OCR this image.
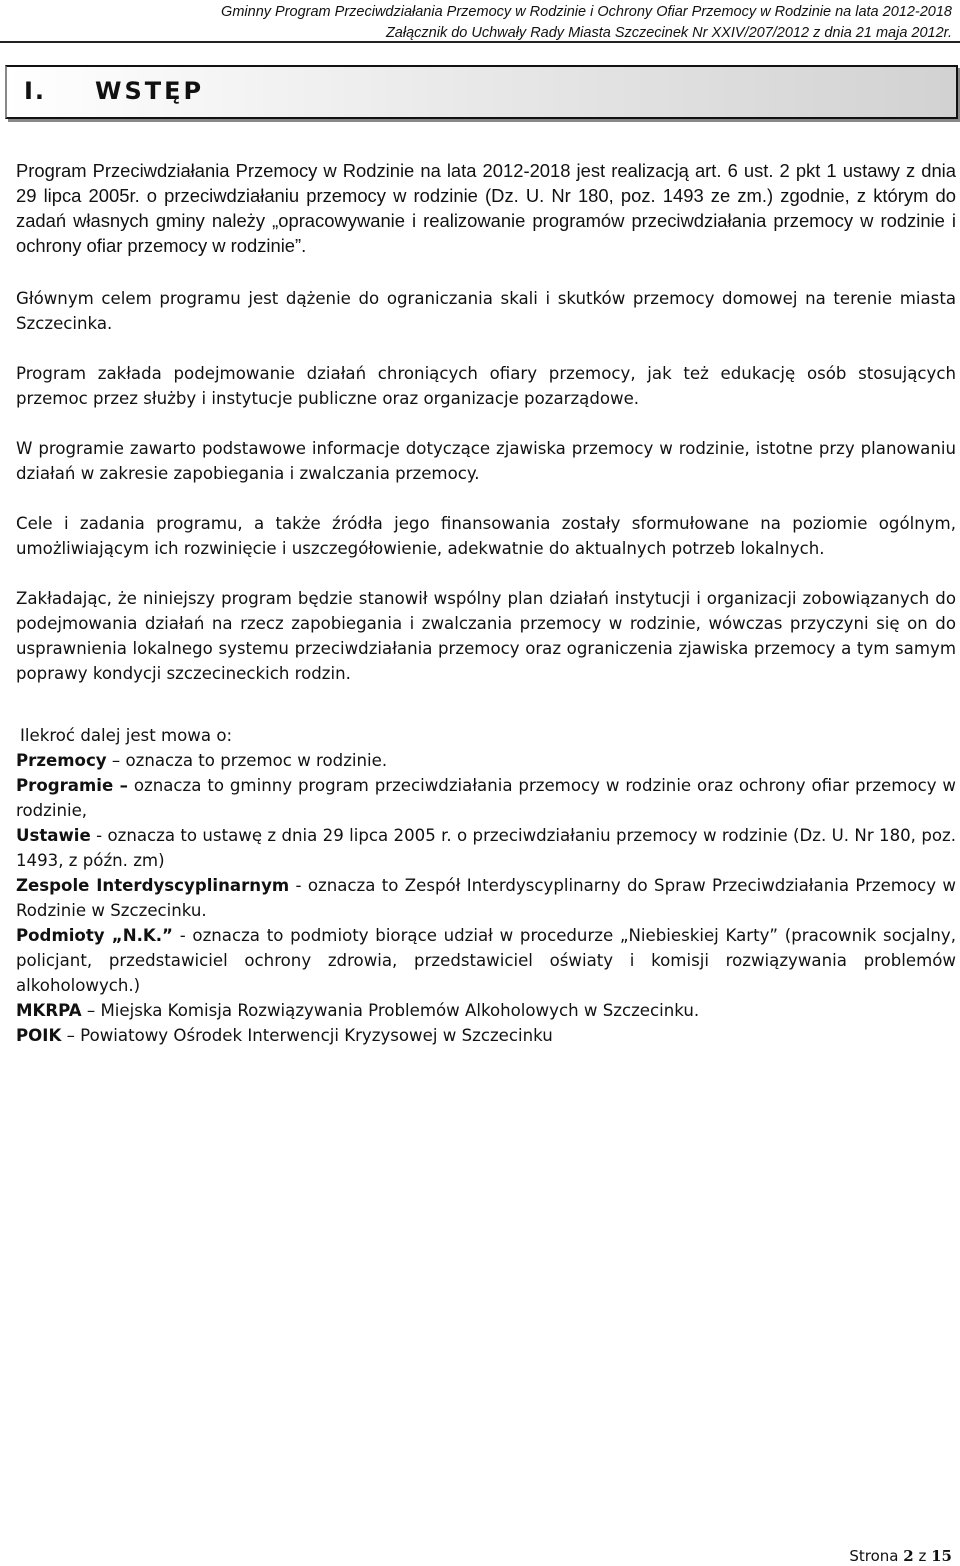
Gminny Program Przeciwdziałania Przemocy w Rodzinie i Ochrony Ofiar Przemocy w Rodzinie na lata 2012-2018
Załącznik do Uchwały Rady Miasta Szczecinek Nr XXIV/207/2012 z dnia 21 maja 2012r.
I. WSTĘP

Program Przeciwdziałania Przemocy w Rodzinie na lata 2012-2018 jest realizacją art. 6 ust. 2 pkt 1 ustawy z dnia 29 lipca 2005r. o przeciwdziałaniu przemocy w rodzinie (Dz. U. Nr 180, poz. 1493 ze zm.) zgodnie, z którym do zadań własnych gminy należy „opracowywanie i realizowanie programów przeciwdziałania przemocy w rodzinie i ochrony ofiar przemocy w rodzinie”.

Głównym celem programu jest dążenie do ograniczania skali i skutków przemocy domowej na terenie miasta Szczecinka.

Program zakłada podejmowanie działań chroniących ofiary przemocy, jak też edukację osób stosujących przemoc przez służby i instytucje publiczne oraz organizacje pozarządowe.

W programie zawarto podstawowe informacje dotyczące zjawiska przemocy w rodzinie, istotne przy planowaniu działań w zakresie zapobiegania i zwalczania przemocy.

Cele i zadania programu, a także źródła jego finansowania zostały sformułowane na poziomie ogólnym, umożliwiającym ich rozwinięcie i uszczegółowienie, adekwatnie do aktualnych potrzeb lokalnych.

Zakładając, że niniejszy program będzie stanowił wspólny plan działań instytucji i organizacji zobowiązanych do podejmowania działań na rzecz zapobiegania i zwalczania przemocy w rodzinie, wówczas przyczyni się on do usprawnienia lokalnego systemu przeciwdziałania przemocy oraz ograniczenia zjawiska przemocy a tym samym poprawy kondycji szczecineckich rodzin.

Ilekroć dalej jest mowa o:
Przemocy – oznacza to przemoc w rodzinie.
Programie – oznacza to gminny program przeciwdziałania przemocy w rodzinie oraz ochrony ofiar przemocy w rodzinie,
Ustawie - oznacza to ustawę z dnia 29 lipca 2005 r. o przeciwdziałaniu przemocy w rodzinie (Dz. U. Nr 180, poz. 1493, z późn. zm)
Zespole Interdyscyplinarnym - oznacza to Zespół Interdyscyplinarny do Spraw Przeciwdziałania Przemocy w Rodzinie w Szczecinku.
Podmioty „N.K.” - oznacza to podmioty biorące udział w procedurze „Niebieskiej Karty” (pracownik socjalny, policjant, przedstawiciel ochrony zdrowia, przedstawiciel oświaty i komisji rozwiązywania problemów alkoholowych.)
MKRPA – Miejska Komisja Rozwiązywania Problemów Alkoholowych w Szczecinku.
POIK – Powiatowy Ośrodek Interwencji Kryzysowej w Szczecinku
Strona 2 z 15
